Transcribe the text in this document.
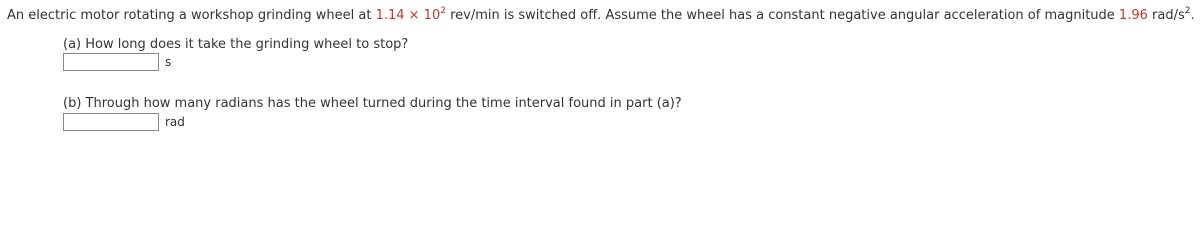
An electric motor rotating a workshop grinding wheel at $1.14 \times 10^2$ rev/min is switched off. Assume the wheel has a constant negative angular acceleration of magnitude 1.96 rad/$s^2$.
(a) How long does it take the grinding wheel to stop?
s
(b) Through how many radians has the wheel turned during the time interval found in part (a)?
rad
